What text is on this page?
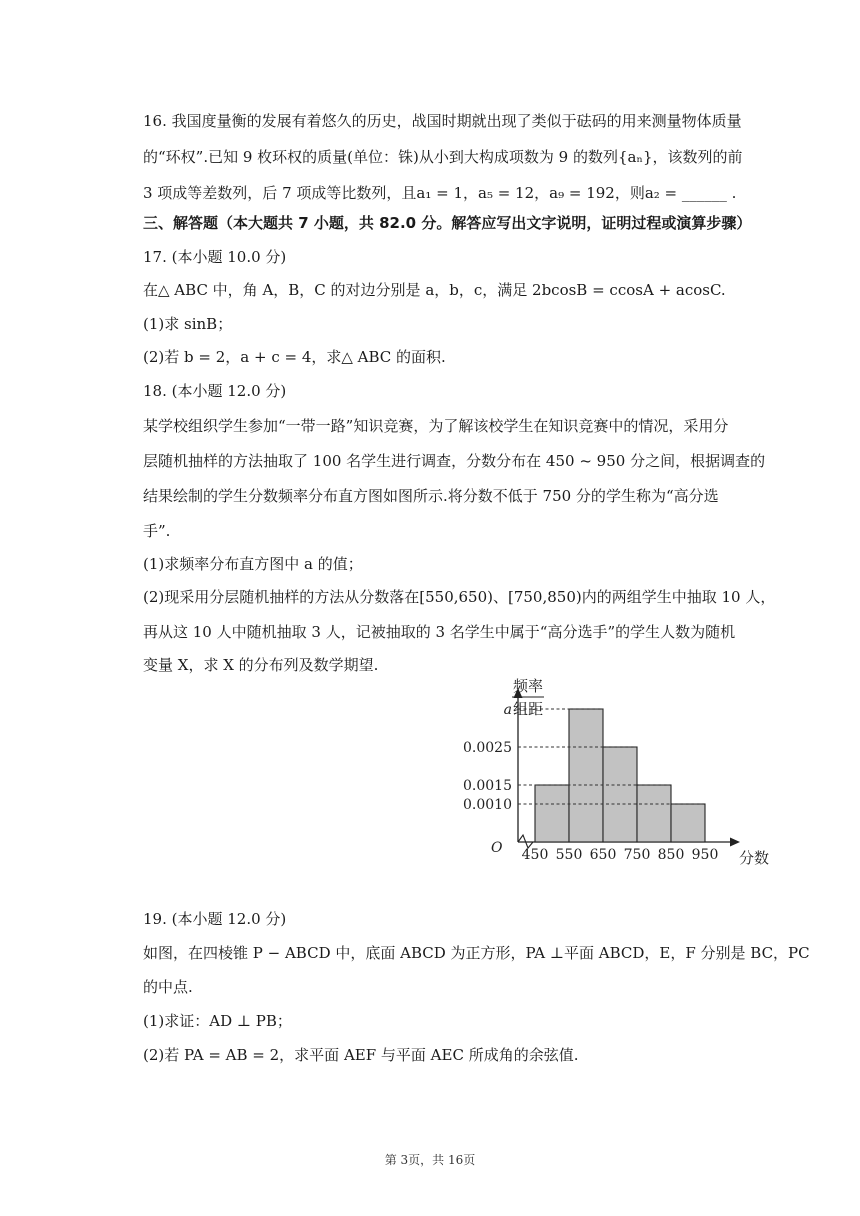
16. 我国度量衡的发展有着悠久的历史，战国时期就出现了类似于砝码的用来测量物体质量
的“环权”.已知 9 枚环权的质量(单位：铢)从小到大构成项数为 9 的数列{aₙ}，该数列的前
3 项成等差数列，后 7 项成等比数列，且a₁ = 1，a₅ = 12，a₉ = 192，则a₂ = ______ .
三、解答题（本大题共 7 小题，共 82.0 分。解答应写出文字说明，证明过程或演算步骤）
17. (本小题 10.0 分)
在△ ABC 中，角 A，B，C 的对边分别是 a，b，c，满足 2bcosB = ccosA + acosC.
(1)求 sinB；
(2)若 b = 2，a + c = 4，求△ ABC 的面积.
18. (本小题 12.0 分)
某学校组织学生参加“一带一路”知识竞赛，为了解该校学生在知识竞赛中的情况，采用分
层随机抽样的方法抽取了 100 名学生进行调查，分数分布在 450 ~ 950 分之间，根据调查的
结果绘制的学生分数频率分布直方图如图所示.将分数不低于 750 分的学生称为“高分选
手”.
(1)求频率分布直方图中 a 的值；
(2)现采用分层随机抽样的方法从分数落在[550,650)、[750,850)内的两组学生中抽取 10 人，
再从这 10 人中随机抽取 3 人，记被抽取的 3 名学生中属于“高分选手”的学生人数为随机
变量 X，求 X 的分布列及数学期望.
0.0010
0.0015
0.0025
a
450 550 650 750 850 950
O
频率
组距
分数
19. (本小题 12.0 分)
如图，在四棱锥 P − ABCD 中，底面 ABCD 为正方形，PA ⊥平面 ABCD，E，F 分别是 BC，PC
的中点.
(1)求证：AD ⊥ PB；
(2)若 PA = AB = 2，求平面 AEF 与平面 AEC 所成角的余弦值.
第 3页，共 16页
